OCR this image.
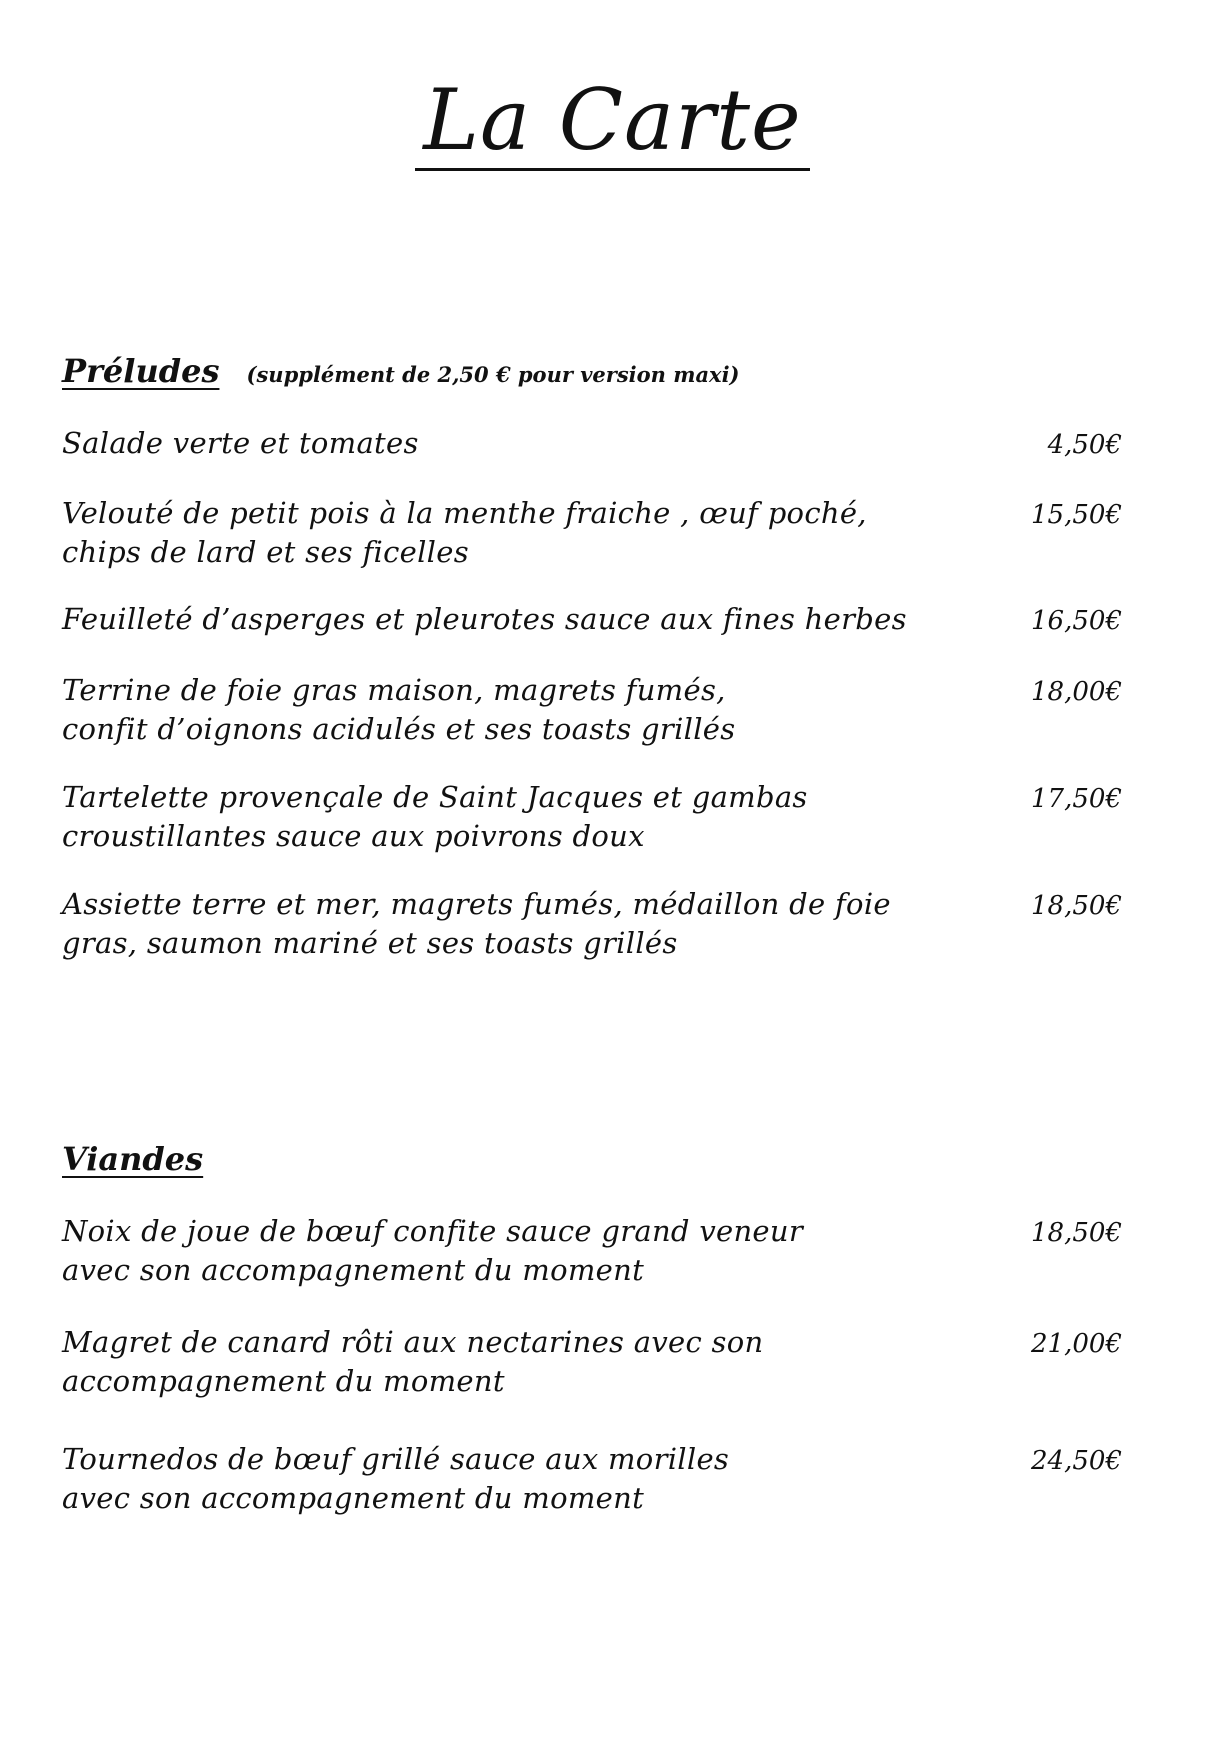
La Carte
Préludes (supplément de 2,50 € pour version maxi)
Salade verte et tomates	4,50€
Velouté de petit pois à la menthe fraiche , œuf poché,
chips de lard et ses ficelles
15,50€
Feuilleté d’asperges et pleurotes sauce aux fines herbes	16,50€
Terrine de foie gras maison, magrets fumés,
confit d’oignons acidulés et ses toasts grillés
18,00€
Tartelette provençale de Saint Jacques et gambas
croustillantes sauce aux poivrons doux
17,50€
Assiette terre et mer, magrets fumés, médaillon de foie
gras, saumon mariné et ses toasts grillés
18,50€
Viandes
Noix de joue de bœuf confite sauce grand veneur
avec son accompagnement du moment
18,50€
Magret de canard rôti aux nectarines avec son
accompagnement du moment
21,00€
Tournedos de bœuf grillé sauce aux morilles
avec son accompagnement du moment
24,50€
